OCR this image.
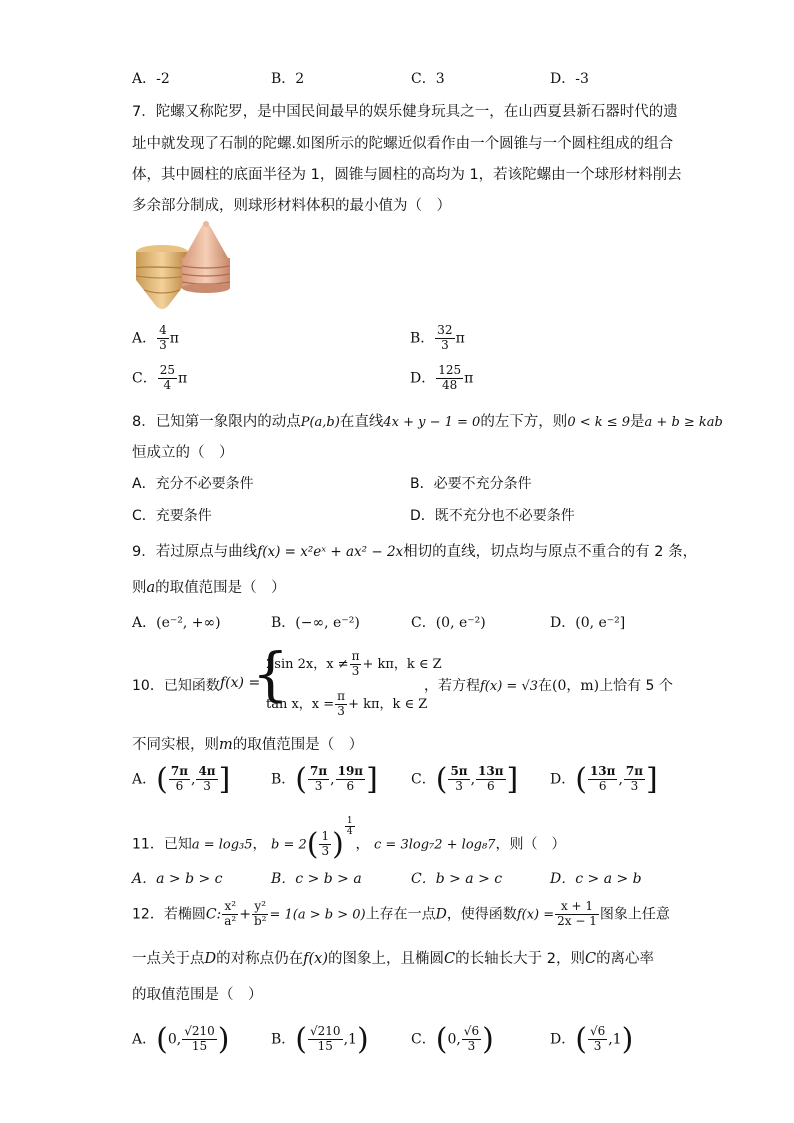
A．-2	B．2	C．3	D．-3
7．陀螺又称陀罗，是中国民间最早的娱乐健身玩具之一，在山西夏县新石器时代的遗
址中就发现了石制的陀螺.如图所示的陀螺近似看作由一个圆锥与一个圆柱组成的组合
体，其中圆柱的底面半径为 1，圆锥与圆柱的高均为 1，若该陀螺由一个球形材料削去
多余部分制成，则球形材料体积的最小值为（　）
A． $\frac{4}{3}$ π	B． $\frac{32}{3}$ π
C． $\frac{25}{4}$ π	D． $\frac{125}{48}$ π
8．已知第一象限内的动点P(a,b)在直线4x + y − 1 = 0的左下方，则0 < k ≤ 9是a + b ≥ kab
恒成立的（　）
A．充分不必要条件	B．必要不充分条件
C．充要条件	D．既不充分也不必要条件
9．若过原点与曲线f(x) = x²eˣ + ax² − 2x相切的直线，切点均与原点不重合的有 2 条，
则a的取值范围是（　）
A．(e⁻², +∞)	B．(−∞, e⁻²)	C．(0, e⁻²)	D．(0, e⁻²]
10．已知函数 f(x) =
{
2sin 2x，$x \ne \frac{\pi}{3} + k\pi$，k ∈ Z
tan x，$x = \frac{\pi}{3} + k\pi$，k ∈ Z
，若方程f(x) = √3在(0，m)上恰有 5 个
不同实根，则m的取值范围是（　）
A．( $\frac{7\pi}{6}$ , $\frac{4\pi}{3}$ ]	B．( $\frac{7\pi}{3}$ , $\frac{19\pi}{6}$ ] C．( $\frac{5\pi}{3}$ , $\frac{13\pi}{6}$ ] D．( $\frac{13\pi}{6}$ , $\frac{7\pi}{3}$ ]
11．已知a = log₃5， $b = 2( \frac{1}{3}$ ) $\frac{1}{4}$
， c = 3log₇2 + log₈7，则（　）
A．a > b > c	B．c > b > a	C．b > a > c	D．c > a > b
12．若椭圆C: $\frac{\text{x²}}{\text{a²}} + \frac{\text{y²}}{\text{b²}} = 1(a > b > 0)$上存在一点D，使得函数$f(x) = \frac{x + 1}{2x - 1}$ 图象上任意
一点关于点D的对称点仍在f(x)的图象上，且椭圆C的长轴长大于 2，则C的离心率
的取值范围是（　）
A．(0, $\frac{√210}{15}$ )	B．( $\frac{√210}{15} ,1$)	C．(0, $\frac{√6}{3}$ )	D．( $\frac{√6}{3} ,1$)
